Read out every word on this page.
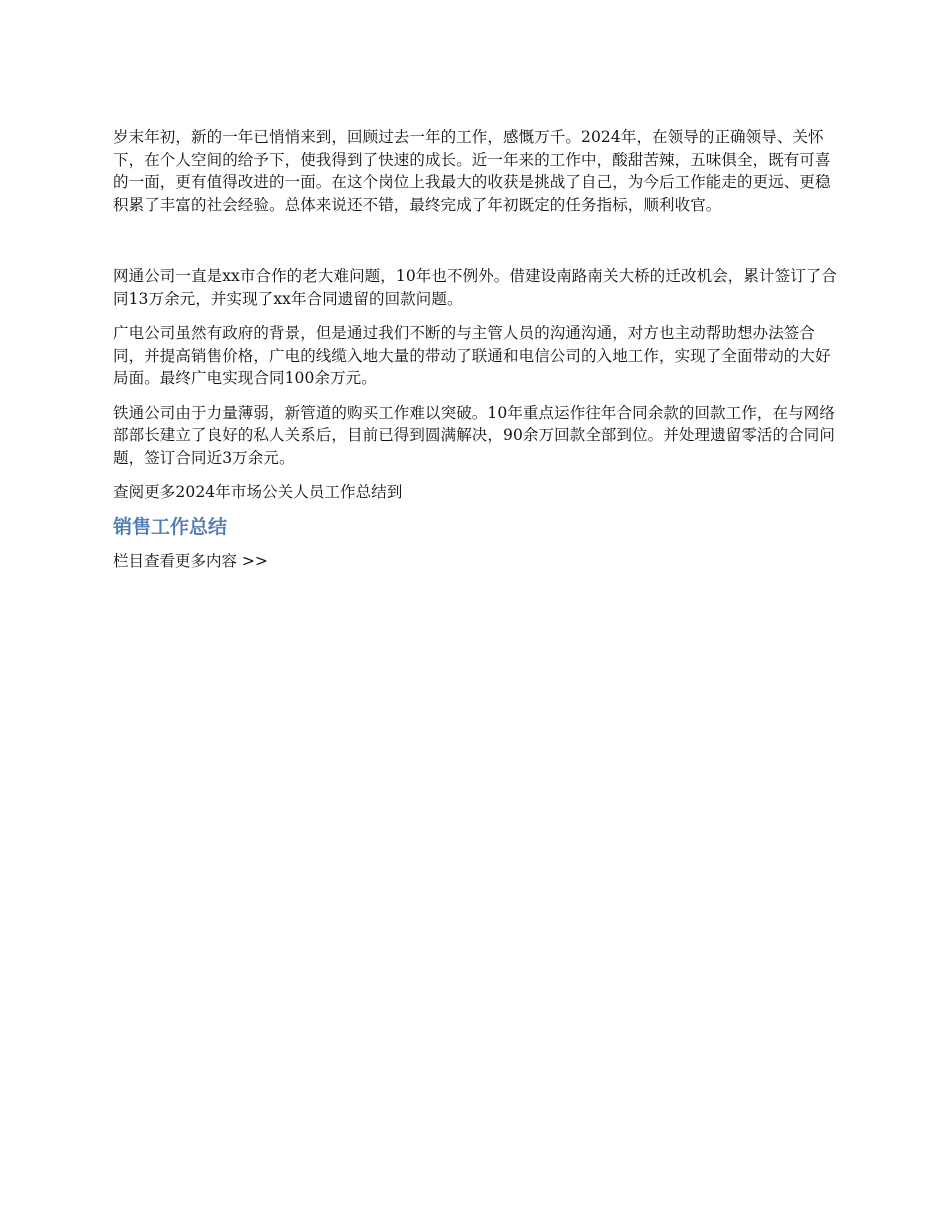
岁末年初，新的一年已悄悄来到，回顾过去一年的工作，感慨万千。2024年，在领导的正确领导、关怀下，在个人空间的给予下，使我得到了快速的成长。近一年来的工作中，酸甜苦辣，五味俱全，既有可喜的一面，更有值得改进的一面。在这个岗位上我最大的收获是挑战了自己，为今后工作能走的更远、更稳积累了丰富的社会经验。总体来说还不错，最终完成了年初既定的任务指标，顺利收官。

网通公司一直是xx市合作的老大难问题，10年也不例外。借建设南路南关大桥的迁改机会，累计签订了合同13万余元，并实现了xx年合同遗留的回款问题。

广电公司虽然有政府的背景，但是通过我们不断的与主管人员的沟通沟通，对方也主动帮助想办法签合同，并提高销售价格，广电的线缆入地大量的带动了联通和电信公司的入地工作，实现了全面带动的大好局面。最终广电实现合同100余万元。

铁通公司由于力量薄弱，新管道的购买工作难以突破。10年重点运作往年合同余款的回款工作，在与网络部部长建立了良好的私人关系后，目前已得到圆满解决，90余万回款全部到位。并处理遗留零活的合同问题，签订合同近3万余元。

查阅更多2024年市场公关人员工作总结到

销售工作总结

栏目查看更多内容 >>
